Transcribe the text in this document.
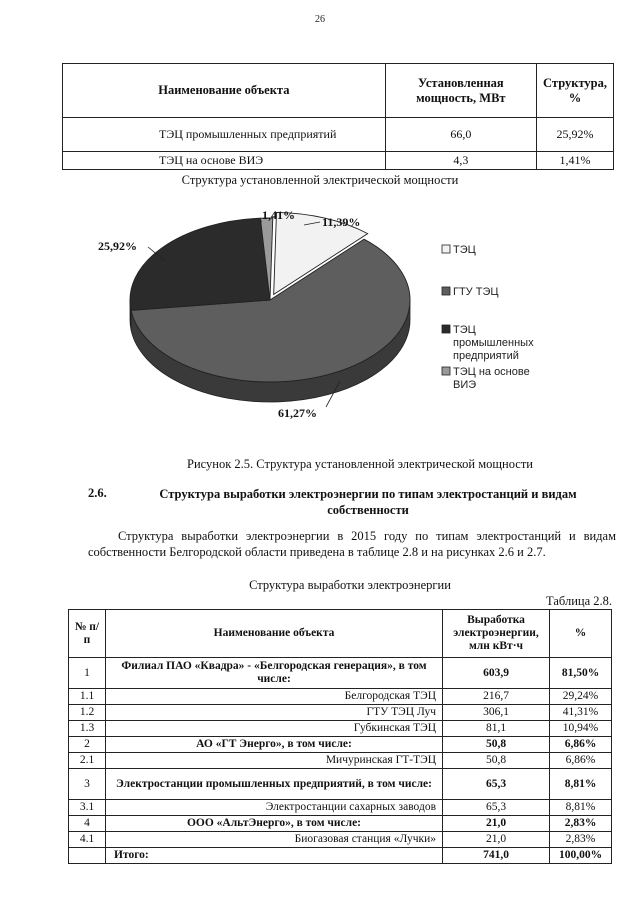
26
Наименование объекта	Установленная мощность, МВт	Структура, %
ТЭЦ промышленных предприятий	66,0	25,92%
ТЭЦ на основе ВИЭ	4,3	1,41%
Структура установленной электрической мощности
11,39%
61,27%
25,92%
1,41%
ТЭЦ
ГТУ ТЭЦ
ТЭЦ промышленных предприятий
ТЭЦ на основе ВИЭ
Рисунок 2.5. Структура установленной электрической мощности
2.6.	Структура выработки электроэнергии по типам электростанций и видам собственности

Структура выработки электроэнергии в 2015 году по типам электростанций и видам собственности Белгородской области приведена в таблице 2.8 и на рисунках 2.6 и 2.7.

Структура выработки электроэнергии
Таблица 2.8.
№ п/п	Наименование объекта	Выработка электроэнергии, млн кВт·ч	%
1	Филиал ПАО «Квадра» - «Белгородская генерация», в том числе:	603,9	81,50%
1.1	Белгородская ТЭЦ	216,7	29,24%
1.2	ГТУ ТЭЦ Луч	306,1	41,31%
1.3	Губкинская ТЭЦ	81,1	10,94%
2	АО «ГТ Энерго», в том числе:	50,8	6,86%
2.1	Мичуринская ГТ-ТЭЦ	50,8	6,86%
3	Электростанции промышленных предприятий, в том числе:	65,3	8,81%
3.1	Электростанции сахарных заводов	65,3	8,81%
4	ООО «АльтЭнерго», в том числе:	21,0	2,83%
4.1	Биогазовая станция «Лучки»	21,0	2,83%
	Итого:	741,0	100,00%
